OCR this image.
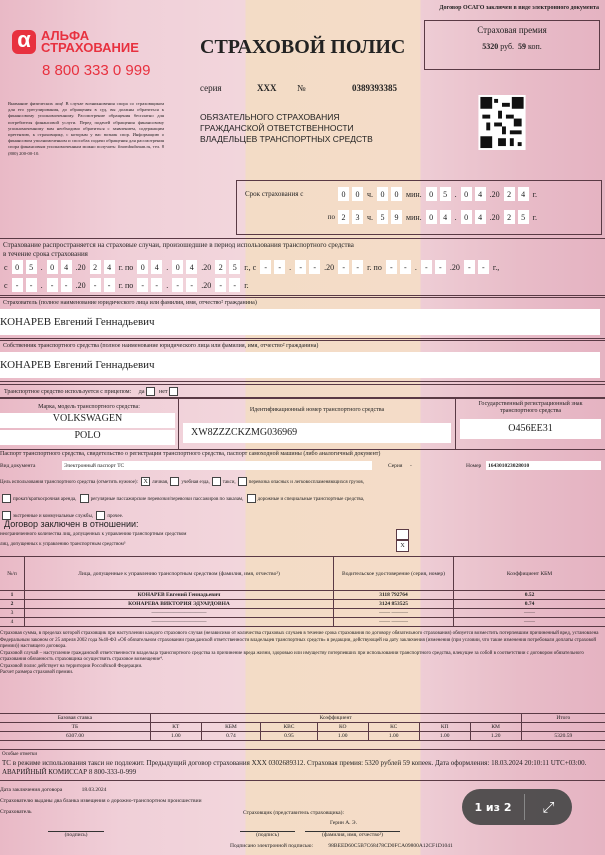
Договор ОСАГО заключен в виде электронного документа
α АЛЬФА
СТРАХОВАНИЕ
8 800 333 0 999
СТРАХОВОЙ ПОЛИС
Страховая премия
5320 руб. 59 коп.
серия	XXX	№	0389393385
ОБЯЗАТЕЛЬНОГО СТРАХОВАНИЯ
ГРАЖДАНСКОЙ ОТВЕТСТВЕННОСТИ
ВЛАДЕЛЬЦЕВ ТРАНСПОРТНЫХ СРЕДСТВ
Внимание физических лиц! В случае возникновения спора со страховщиком для его урегулирования, до обращения в суд, вы должны обратиться к финансовому уполномоченному. Рассмотрение обращения бесплатно для потребителя финансовой услуги. Перед подачей обращения финансовому уполномоченному вам необходимо обратиться с заявлением, содержащим претензию, к страховщику, с которым у вас возник спор. Информацию о финансовом уполномоченном и способах подачи обращения для рассмотрения спора финансовым уполномоченным можно получить: finombudsman.ru, тел. 8 (800) 200-00-10.
Срок страхования с	0	0 ч. 0	0 мин. 0	5 . 0	4 .20 2	4 г.
по 2	3 ч. 5	9 мин. 0	4 . 0	4 .20 2	5 г.
Страхование распространяется на страховые случаи, произошедшие в период использования транспортного средства
в течение срока страхования
с 0	5 . 0	4 .20 2	4 г. по 0	4 . 0	4 .20 2	5 г., с	-	-	.	-	-	.20	-	-	г. по	-	-	.	-	-	.20	-	-	г.,
с	-	-	.	-	-	.20	-	-	г. по	-	-	.	-	-	.20	-	-	г.
Страхователь (полное наименование юридического лица или фамилия, имя, отчество² гражданина)
КОНАРЕВ Евгений Геннадьевич
Собственник транспортного средства (полное наименование юридического лица или фамилия, имя, отчество² гражданина)
КОНАРЕВ Евгений Геннадьевич
Транспортное средство используется с прицепом: да нет
Марка, модель транспортного средства:
VOLKSWAGEN
POLO
Идентификационный номер транспортного средства
XW8ZZZCKZMG036969
Государственный регистрационный знак транспортного средства
O456EE31
Паспорт транспортного средства, свидетельство о регистрации транспортного средства, паспорт самоходной машины (либо аналогичный документ)
Вид документа	Электронный паспорт ТС	Серия -	Номер	164301023028010
Цель использования транспортного средства (отметить нужное): X личная,	учебная езда,	такси,	перевозка опасных и легковоспламеняющихся грузов,
прокат/краткосрочная аренда,	регулярные пассажирские перевозки/перевозки пассажиров по заказам,	дорожные и специальные транспортные средства,
экстренные и коммунальные службы,	прочее.
Договор заключен в отношении:
неограниченного количества лиц, допущенных к управлению транспортным средством
лиц, допущенных к управлению транспортным средством³	X
№/п	Лица, допущенные к управлению транспортным средством (фамилия, имя, отчество²)	Водительское удостоверение (серия, номер)	Коэффициент КБМ
1	КОНАРЕВ Евгений Геннадьевич	3118 792764	0.52
2	КОНАРЕВА ВИКТОРИЯ ЭДУАРДОВНА	3124 853525	0.74
3	——————————	—— ———	——
4	——————————	—— ———	——
Страховая сумма, в пределах которой страховщик при наступлении каждого страхового случая (независимо от количества страховых случаев в течение срока страхования по договору обязательного страхования) обязуется возместить потерпевшим причиненный вред, установлена Федеральным законом от 25 апреля 2002 года №40-ФЗ «Об обязательном страховании гражданской ответственности владельцев транспортных средств» в редакции, действующей на дату заключения (изменения (при условии, что такие изменения потребовали доплаты страховой премии)) настоящего договора.
Страховой случай – наступление гражданской ответственности владельца транспортного средства за причинение вреда жизни, здоровью или имуществу потерпевших при использовании транспортного средства, влекущее за собой в соответствии с договором обязательного страхования обязанность страховщика осуществить страховое возмещение⁴.
Страховой полис действует на территории Российской Федерации.
Расчет размера страховой премии.
Базовая ставка	Коэффициент							Итого
ТБ	КТ	КБМ	КВС	КО	КС	КП	КМ	
6307.00	1.00	0.74	0.95	1.00	1.00	1.00	1.20	5320.59
Особые отметки
ТС в режиме использования такси не подлежит. Предыдущий договор страхования XXX 0302689312. Страховая премия: 5320 рублей 59 копеек. Дата оформления: 18.03.2024 20:10:11 UTC+03:00. АВАРИЙНЫЙ КОМИССАР 8 800-333-0-999
Дата заключения договора	18.03.2024
Страхователю выданы два бланка извещения о дорожно-транспортном происшествии
Страхователь	Страховщик (представитель страховщика):
Герин А. Э.
(подпись)	(подпись)	(фамилия, имя, отчество²)
Подписано электронной подписью:	98BEED60C5B7C68478CD0FCA09800A12CF1D1041
1 из 2	⤢
